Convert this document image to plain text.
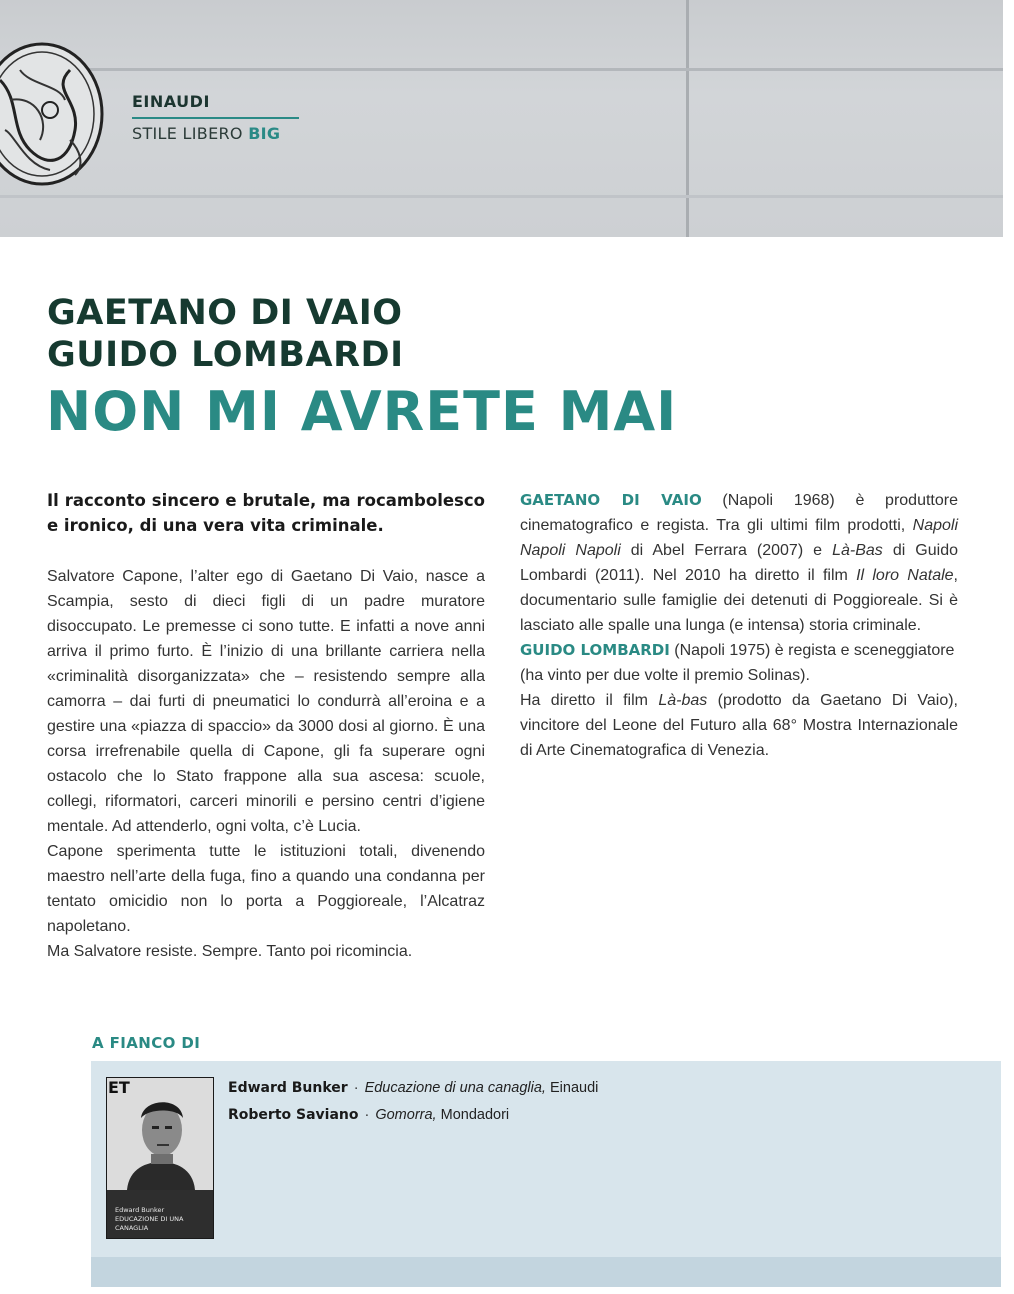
EINAUDI
STILE LIBERO BIG
GAETANO DI VAIO
GUIDO LOMBARDI
NON MI AVRETE MAI
Il racconto sincero e brutale, ma rocambolesco e ironico, di una vera vita criminale.

Salvatore Capone, l’alter ego di Gaetano Di Vaio, nasce a Scampia, sesto di dieci figli di un padre muratore disoccupato. Le premesse ci sono tutte. E infatti a nove anni arriva il primo furto. È l’inizio di una brillante carriera nella «criminalità disorganizzata» che – resistendo sempre alla camorra – dai furti di pneumatici lo condurrà all’eroina e a gestire una «piazza di spaccio» da 3000 dosi al giorno. È una corsa irrefrenabile quella di Capone, gli fa superare ogni ostacolo che lo Stato frappone alla sua ascesa: scuole, collegi, riformatori, carceri minorili e persino centri d’igiene mentale. Ad attenderlo, ogni volta, c’è Lucia.

Capone sperimenta tutte le istituzioni totali, divenendo maestro nell’arte della fuga, fino a quando una condanna per tentato omicidio non lo porta a Poggioreale, l’Alcatraz napoletano.

Ma Salvatore resiste. Sempre. Tanto poi ricomincia.

GAETANO DI VAIO (Napoli 1968) è produttore cinematografico e regista. Tra gli ultimi film prodotti, Napoli Napoli Napoli di Abel Ferrara (2007) e Là-Bas di Guido Lombardi (2011). Nel 2010 ha diretto il film Il loro Natale, documentario sulle famiglie dei detenuti di Poggioreale. Si è lasciato alle spalle una lunga (e intensa) storia criminale.

GUIDO LOMBARDI (Napoli 1975) è regista e sceneggiatore (ha vinto per due volte il premio Solinas).

Ha diretto il film Là-bas (prodotto da Gaetano Di Vaio), vincitore del Leone del Futuro alla 68° Mostra Internazionale di Arte Cinematografica di Venezia.

A FIANCO DI
ET
Edward Bunker
EDUCAZIONE DI UNA CANAGLIA
Edward Bunker · Educazione di una canaglia, Einaudi
Roberto Saviano · Gomorra, Mondadori
